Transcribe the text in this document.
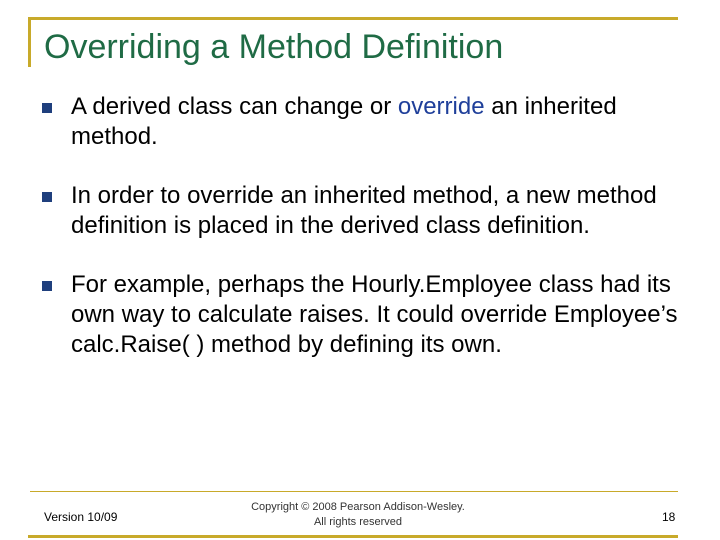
Overriding a Method Definition
A derived class can change or override an inherited method.
In order to override an inherited method, a new method definition is placed in the derived class definition.
For example, perhaps the Hourly.Employee class had its own way to calculate raises. It could override Employee’s calc.Raise( ) method by defining its own.
Version 10/09
Copyright © 2008 Pearson Addison-Wesley.
All rights reserved	18
